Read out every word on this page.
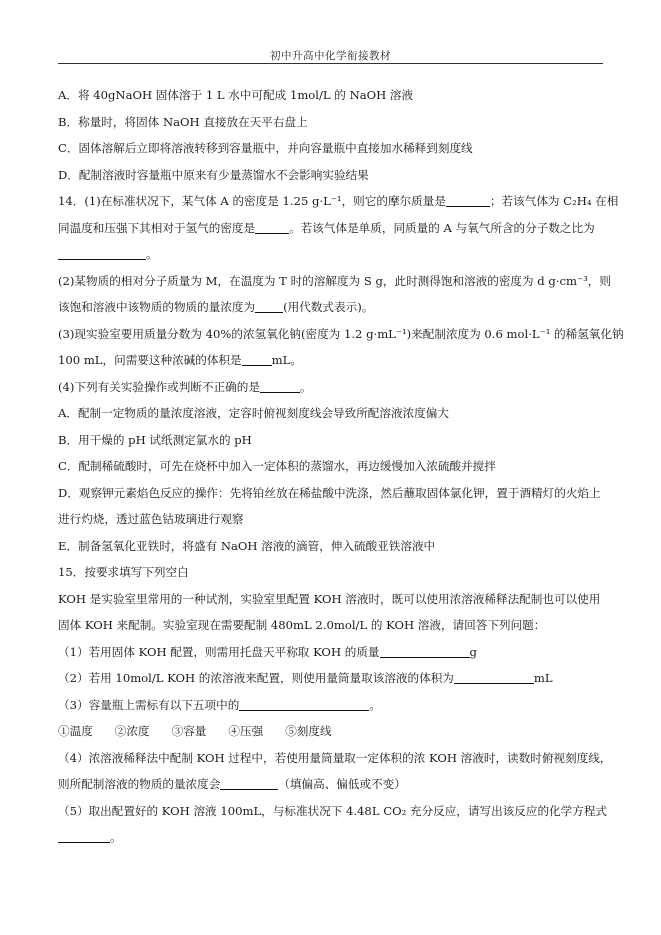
初中升高中化学衔接教材
A．将 40gNaOH 固体溶于 1 L 水中可配成 1mol/L 的 NaOH 溶液
B．称量时，将固体 NaOH 直接放在天平右盘上
C．固体溶解后立即将溶液转移到容量瓶中，并向容量瓶中直接加水稀释到刻度线
D．配制溶液时容量瓶中原来有少量蒸馏水不会影响实验结果
14．(1)在标准状况下，某气体 A 的密度是 1.25 g·L⁻¹，则它的摩尔质量是	；若该气体为 C₂H₄ 在相
同温度和压强下其相对于氢气的密度是	。若该气体是单质，同质量的 A 与氧气所含的分子数之比为
。
(2)某物质的相对分子质量为 M，在温度为 T 时的溶解度为 S g，此时测得饱和溶液的密度为 d g·cm⁻³，则
该饱和溶液中该物质的物质的量浓度为 (用代数式表示)。
(3)现实验室要用质量分数为 40%的浓氢氧化钠(密度为 1.2 g·mL⁻¹)来配制浓度为 0.6 mol·L⁻¹ 的稀氢氧化钠
100 mL，问需要这种浓碱的体积是	mL。
(4)下列有关实验操作或判断不正确的是	。
A．配制一定物质的量浓度溶液，定容时俯视刻度线会导致所配溶液浓度偏大
B．用干燥的 pH 试纸测定氯水的 pH
C．配制稀硫酸时，可先在烧杯中加入一定体积的蒸馏水，再边缓慢加入浓硫酸并搅拌
D．观察钾元素焰色反应的操作：先将铂丝放在稀盐酸中洗涤，然后蘸取固体氯化钾，置于酒精灯的火焰上
进行灼烧，透过蓝色钴玻璃进行观察
E．制备氢氧化亚铁时，将盛有 NaOH 溶液的滴管，伸入硫酸亚铁溶液中
15．按要求填写下列空白
KOH 是实验室里常用的一种试剂，实验室里配置 KOH 溶液时，既可以使用浓溶液稀释法配制也可以使用
固体 KOH 来配制。实验室现在需要配制 480mL 2.0mol/L 的 KOH 溶液，请回答下列问题：
（1）若用固体 KOH 配置，则需用托盘天平称取 KOH 的质量	g
（2）若用 10mol/L KOH 的浓溶液来配置，则使用量筒量取该溶液的体积为	mL
（3）容量瓶上需标有以下五项中的	。
①温度 ②浓度 ③容量 ④压强 ⑤刻度线
（4）浓溶液稀释法中配制 KOH 过程中，若使用量筒量取一定体积的浓 KOH 溶液时，读数时俯视刻度线，
则所配制溶液的物质的量浓度会	（填偏高、偏低或不变）
（5）取出配置好的 KOH 溶液 100mL，与标准状况下 4.48L CO₂ 充分反应，请写出该反应的化学方程式
。
